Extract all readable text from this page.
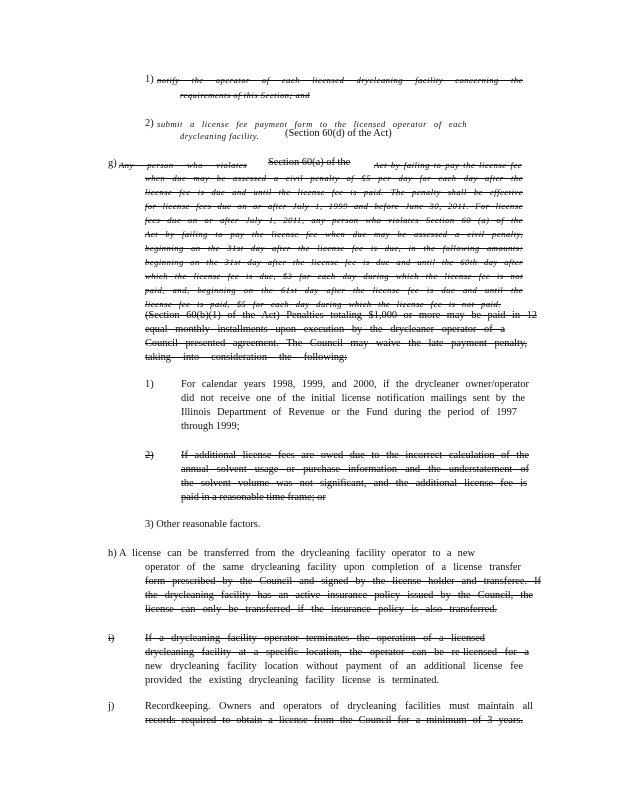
1) notify the operator of each licensed drycleaning facility concerning the

requirements of this Section; and

2) submit a license fee payment form to the licensed operator of each

drycleaning facility. (Section 60(d) of the Act)

g) Any person who violates Section 60(a) of the	Act by failing to pay the license fee

when due may be assessed a civil penalty of $5 per day for each day after the

license fee is due and until the license fee is paid. The penalty shall be effective

for license fees due on or after July 1, 1999 and before June 30, 2011. For license

fees due on or after July 1, 2011, any person who violates Section 60 (a) of the

Act by failing to pay the license fee when due may be assessed a civil penalty,

beginning on the 31st day after the license fee is due, in the following amounts:

beginning on the 31st day after the license fee is due and until the 60th day after

which the license fee is due, $3 for each day during which the license fee is not

paid, and, beginning on the 61st day after the license fee is due and until the

license fee is paid, $5 for each day during which the license fee is not paid.

(Section 60(b)(1) of the Act) Penalties totaling $1,000 or more may be paid in 12

equal monthly installments upon execution by the drycleaner operator of a

Council presented agreement. The Council may waive the late payment penalty,

taking into consideration the following:

1)	For calendar years 1998, 1999, and 2000, if the drycleaner owner/operator

did not receive one of the initial license notification mailings sent by the

Illinois Department of Revenue or the Fund during the period of 1997

through 1999;

2)	If additional license fees are owed due to the incorrect calculation of the

annual solvent usage or purchase information and the understatement of

the solvent volume was not significant, and the additional license fee is

paid in a reasonable time frame; or

3) Other reasonable factors.

h) A license can be transferred from the drycleaning facility operator to a new

operator of the same drycleaning facility upon completion of a license transfer

form prescribed by the Council and signed by the license holder and transferee. If

the drycleaning facility has an active insurance policy issued by the Council, the

license can only be transferred if the insurance policy is also transferred.

i)	If a drycleaning facility operator terminates the operation of a licensed

drycleaning facility at a specific location, the operator can be re-licensed for a

new drycleaning facility location without payment of an additional license fee

provided the existing drycleaning facility license is terminated.

j)	Recordkeeping. Owners and operators of drycleaning facilities must maintain all

records required to obtain a license from the Council for a minimum of 3 years.
